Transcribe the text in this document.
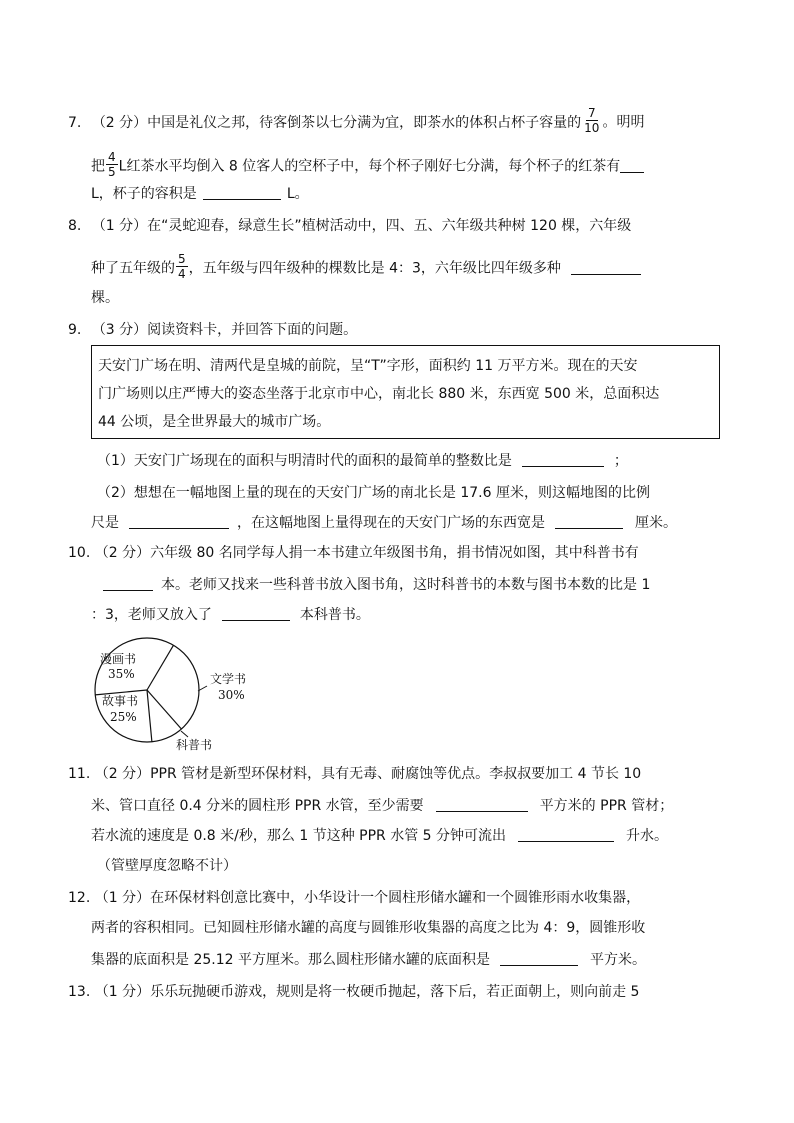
7. （2 分）中国是礼仪之邦，待客倒茶以七分满为宜，即茶水的体积占杯子容量的 $\frac{7}{10}$ 。明明
把 $\frac{4}{5}$ L红茶水平均倒入 8 位客人的空杯子中，每个杯子刚好七分满，每个杯子的红茶有
L，杯子的容积是	L。
8. （1 分）在“灵蛇迎春，绿意生长”植树活动中，四、五、六年级共种树 120 棵，六年级
种了五年级的 $\frac{5}{4}$ ，五年级与四年级种的棵数比是 4：3，六年级比四年级多种
棵。
9. （3 分）阅读资料卡，并回答下面的问题。
天安门广场在明、清两代是皇城的前院，呈“T”字形，面积约 11 万平方米。现在的天安
门广场则以庄严博大的姿态坐落于北京市中心，南北长 880 米，东西宽 500 米，总面积达
44 公顷，是全世界最大的城市广场。
（1）天安门广场现在的面积与明清时代的面积的最简单的整数比是	；
（2）想想在一幅地图上量的现在的天安门广场的南北长是 17.6 厘米，则这幅地图的比例
尺是	，在这幅地图上量得现在的天安门广场的东西宽是	厘米。
10. （2 分）六年级 80 名同学每人捐一本书建立年级图书角，捐书情况如图，其中科普书有
本。老师又找来一些科普书放入图书角，这时科普书的本数与图书本数的比是 1
：3，老师又放入了	本科普书。
漫画书
35%
故事书
25%
文学书
30%
科普书
11. （2 分）PPR 管材是新型环保材料，具有无毒、耐腐蚀等优点。李叔叔要加工 4 节长 10
米、管口直径 0.4 分米的圆柱形 PPR 水管，至少需要	平方米的 PPR 管材；
若水流的速度是 0.8 米/秒，那么 1 节这种 PPR 水管 5 分钟可流出	升水。
（管壁厚度忽略不计）
12. （1 分）在环保材料创意比赛中，小华设计一个圆柱形储水罐和一个圆锥形雨水收集器，
两者的容积相同。已知圆柱形储水罐的高度与圆锥形收集器的高度之比为 4：9，圆锥形收
集器的底面积是 25.12 平方厘米。那么圆柱形储水罐的底面积是	平方米。
13. （1 分）乐乐玩抛硬币游戏，规则是将一枚硬币抛起，落下后，若正面朝上，则向前走 5
